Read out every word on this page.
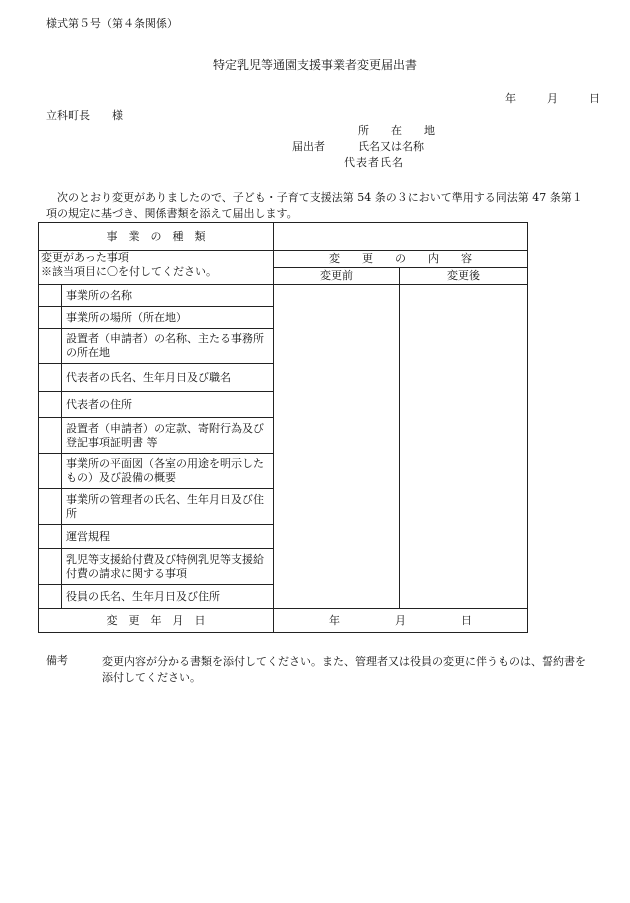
様式第５号（第４条関係）
特定乳児等通園支援事業者変更届出書
年	月	日
立科町長　　様
所　　在　　地
届出者	氏名又は名称
代表者氏名
次のとおり変更がありましたので、子ども・子育て支援法第 54 条の３において準用する同法第 47 条第１項の規定に基づき、関係書類を添えて届出します。
事　業　の　種　類			

変更があった事項
※該当項目に〇を付してください。		変　　更　　の　　内　　容	
		変更前	変更後
	事業所の名称		
	事業所の場所（所在地）		
	設置者（申請者）の名称、主たる事務所の所在地		
	代表者の氏名、生年月日及び職名		
	代表者の住所		
	設置者（申請者）の定款、寄附行為及び登記事項証明書 等		
	事業所の平面図（各室の用途を明示したもの）及び設備の概要		
	事業所の管理者の氏名、生年月日及び住所		
	運営規程		
	乳児等支援給付費及び特例乳児等支援給付費の請求に関する事項		
	役員の氏名、生年月日及び住所		
変　更　年　月　日		年 月 日	
備考	変更内容が分かる書類を添付してください。また、管理者又は役員の変更に伴うものは、誓約書を添付してください。
